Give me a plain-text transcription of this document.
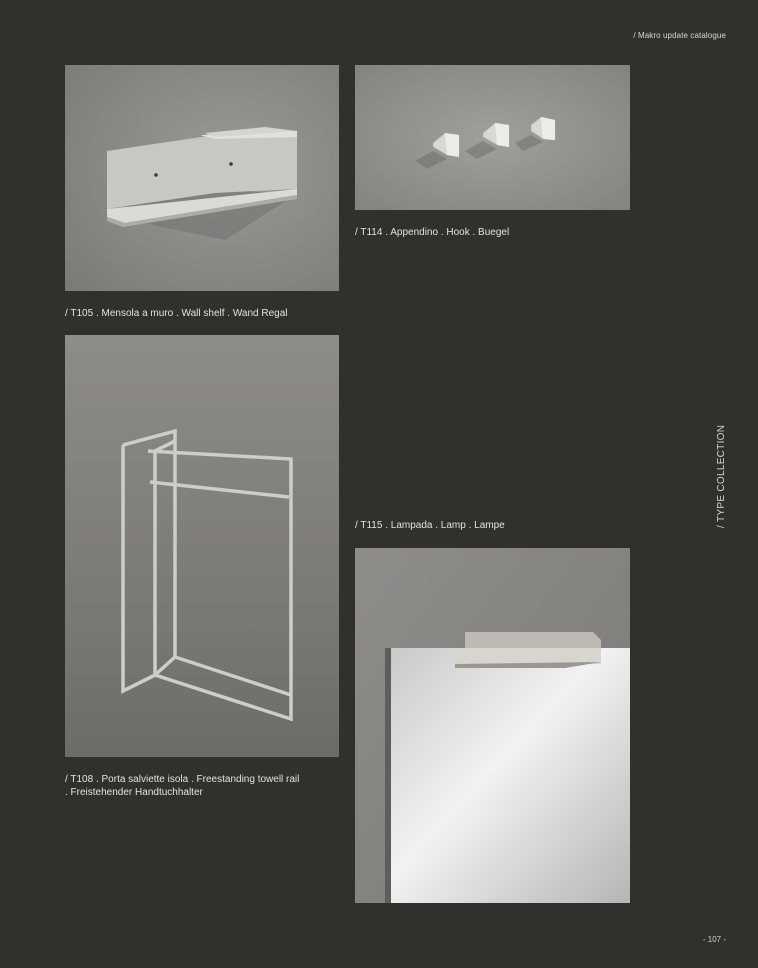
/ Makro update catalogue
/ T114 . Appendino . Hook . Buegel
/ T105 . Mensola a muro . Wall shelf . Wand Regal
/ T108 . Porta salviette isola . Freestanding towell rail
. Freistehender Handtuchhalter
/ T115 . Lampada . Lamp . Lampe	/ TYPE COLLECTION
- 107 -
